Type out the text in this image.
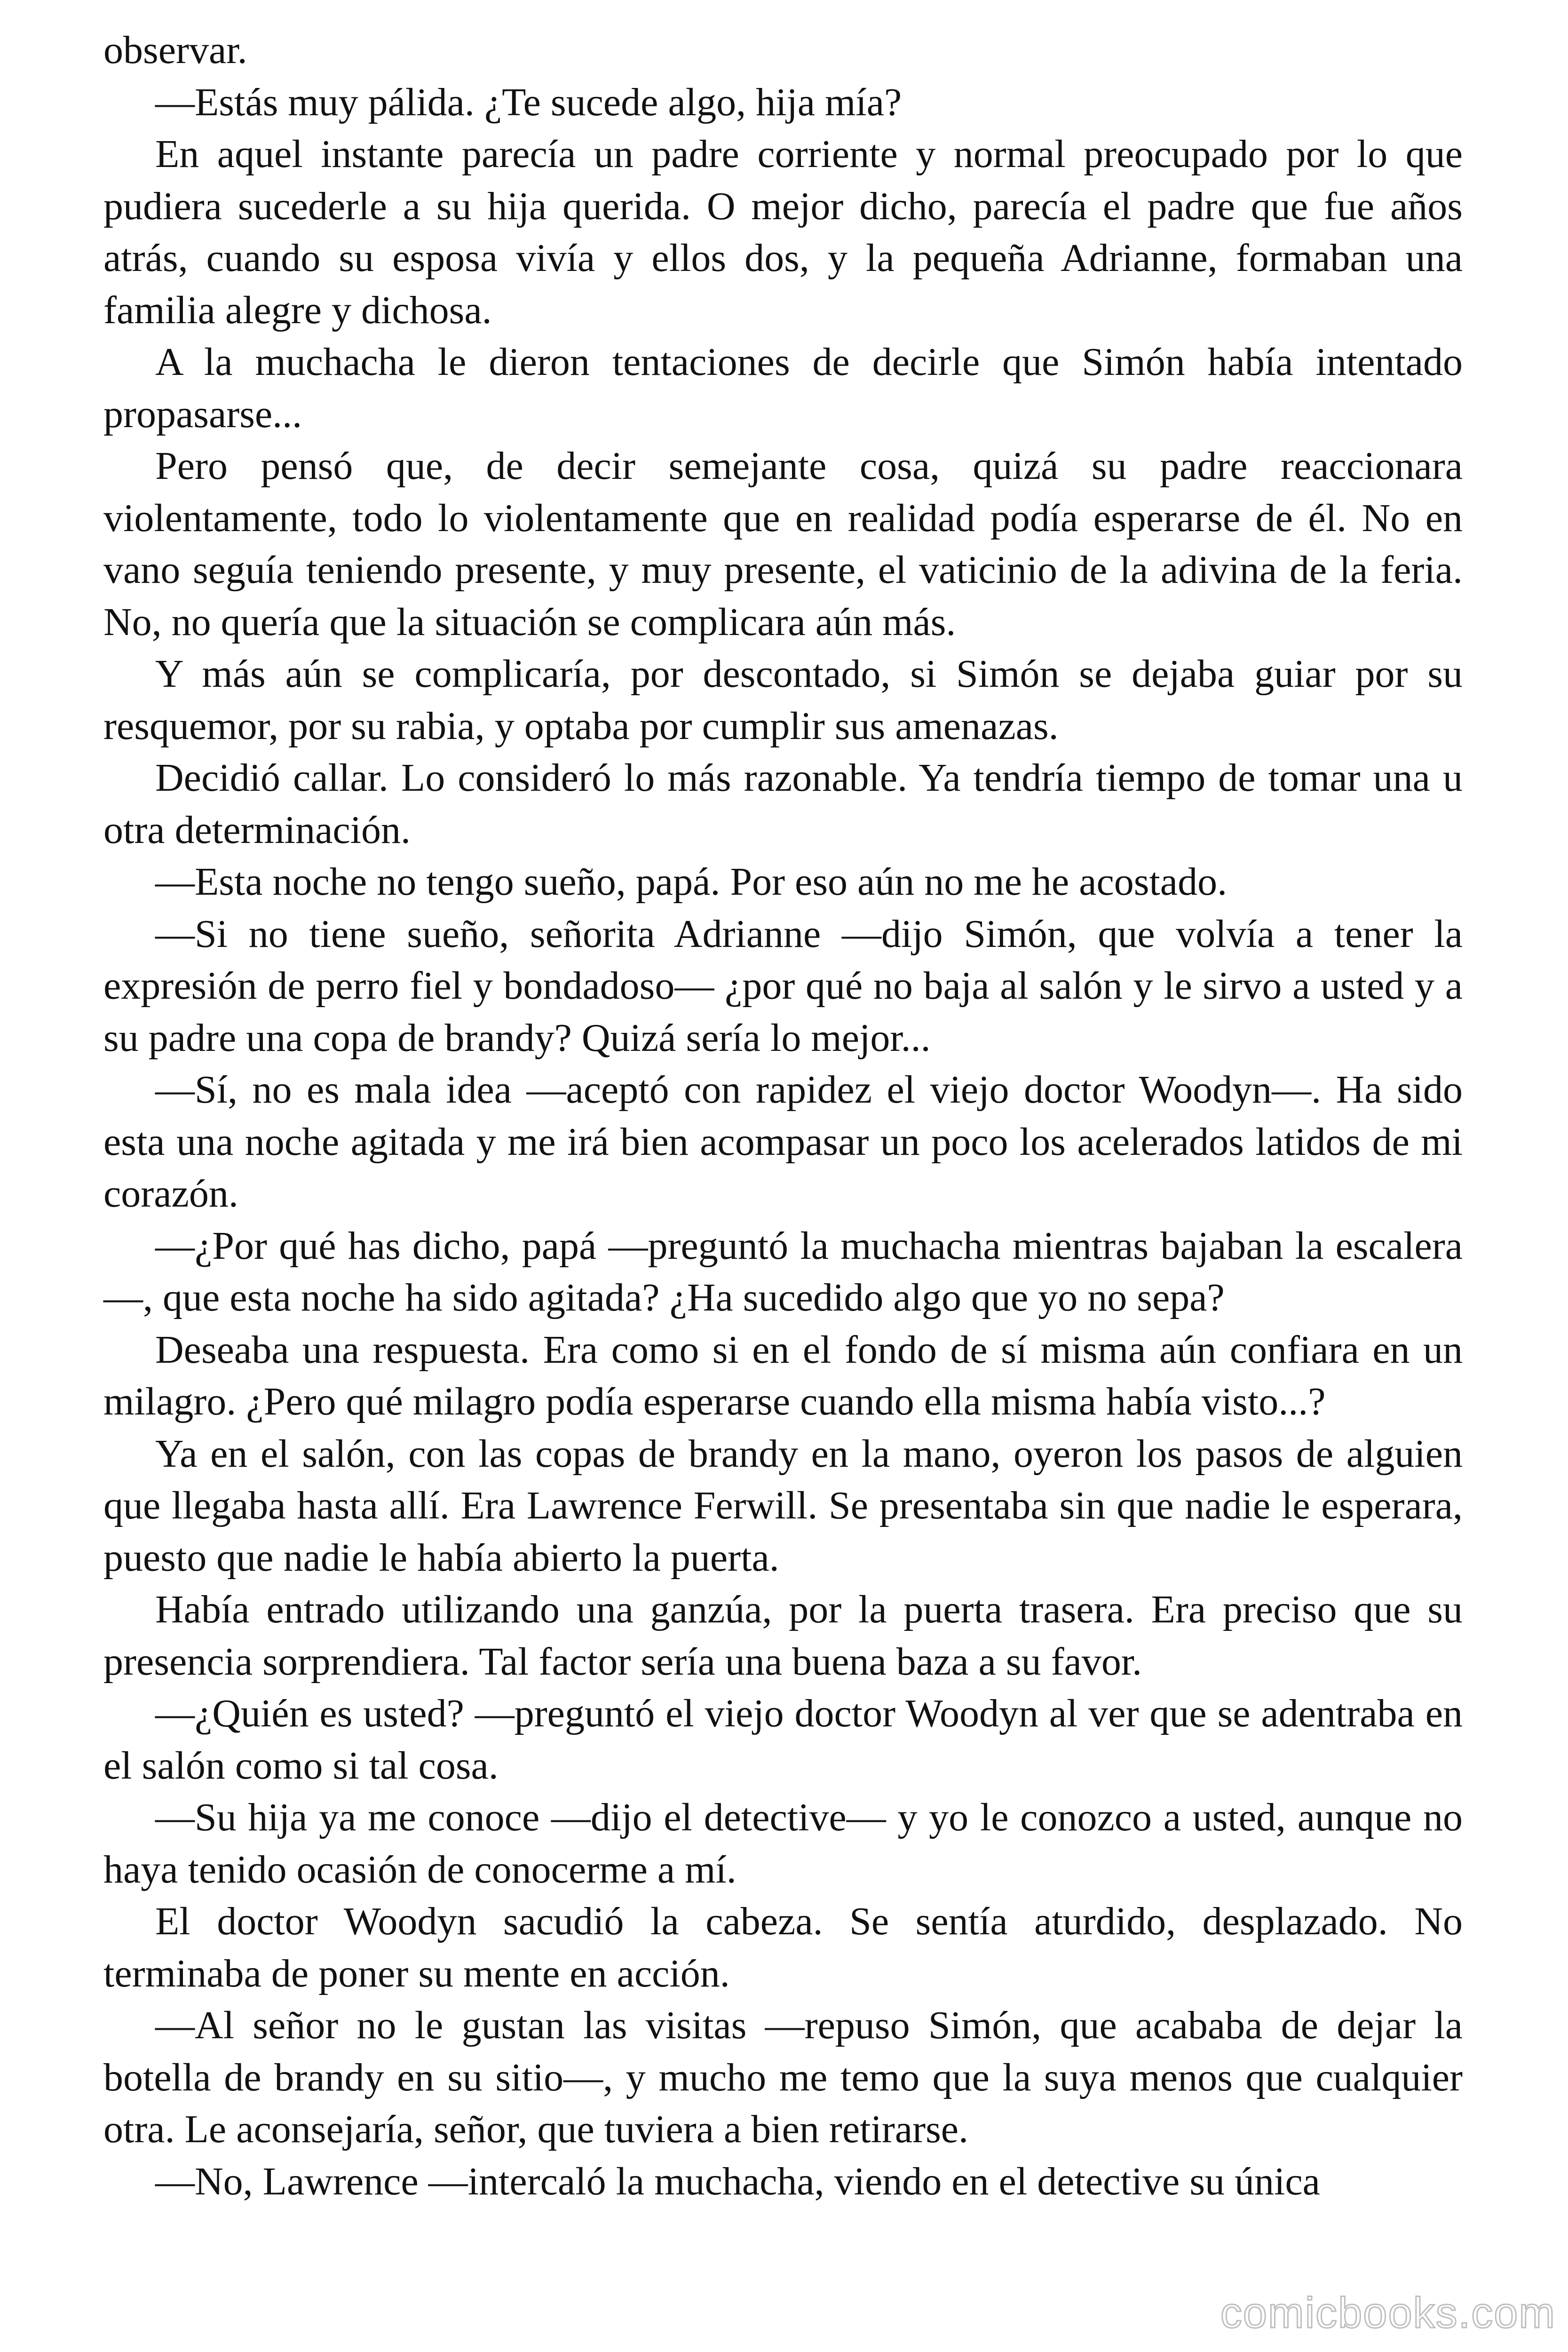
observar.

—Estás muy pálida. ¿Te sucede algo, hija mía?

En aquel instante parecía un padre corriente y normal preocupado por lo que pudiera sucederle a su hija querida. O mejor dicho, parecía el padre que fue años atrás, cuando su esposa vivía y ellos dos, y la pequeña Adrianne, formaban una familia alegre y dichosa.

A la muchacha le dieron tentaciones de decirle que Simón había intentado propasarse...

Pero pensó que, de decir semejante cosa, quizá su padre reaccionara violentamente, todo lo violentamente que en realidad podía esperarse de él. No en vano seguía teniendo presente, y muy presente, el vaticinio de la adivina de la feria. No, no quería que la situación se complicara aún más.

Y más aún se complicaría, por descontado, si Simón se dejaba guiar por su resquemor, por su rabia, y optaba por cumplir sus amenazas.

Decidió callar. Lo consideró lo más razonable. Ya tendría tiempo de tomar una u otra determinación.

—Esta noche no tengo sueño, papá. Por eso aún no me he acostado.

—Si no tiene sueño, señorita Adrianne —dijo Simón, que volvía a tener la expresión de perro fiel y bondadoso— ¿por qué no baja al salón y le sirvo a usted y a su padre una copa de brandy? Quizá sería lo mejor...

—Sí, no es mala idea —aceptó con rapidez el viejo doctor Woodyn—. Ha sido esta una noche agitada y me irá bien acompasar un poco los acelerados latidos de mi corazón.

—¿Por qué has dicho, papá —preguntó la muchacha mientras bajaban la escalera—, que esta noche ha sido agitada? ¿Ha sucedido algo que yo no sepa?

Deseaba una respuesta. Era como si en el fondo de sí misma aún confiara en un milagro. ¿Pero qué milagro podía esperarse cuando ella misma había visto...?

Ya en el salón, con las copas de brandy en la mano, oyeron los pasos de alguien que llegaba hasta allí. Era Lawrence Ferwill. Se presentaba sin que nadie le esperara, puesto que nadie le había abierto la puerta.

Había entrado utilizando una ganzúa, por la puerta trasera. Era preciso que su presencia sorprendiera. Tal factor sería una buena baza a su favor.

—¿Quién es usted? —preguntó el viejo doctor Woodyn al ver que se adentraba en el salón como si tal cosa.

—Su hija ya me conoce —dijo el detective— y yo le conozco a usted, aunque no haya tenido ocasión de conocerme a mí.

El doctor Woodyn sacudió la cabeza. Se sentía aturdido, desplazado. No terminaba de poner su mente en acción.

—Al señor no le gustan las visitas —repuso Simón, que acababa de dejar la botella de brandy en su sitio—, y mucho me temo que la suya menos que cualquier otra. Le aconsejaría, señor, que tuviera a bien retirarse.

—No, Lawrence —intercaló la muchacha, viendo en el detective su única

comicbooks.com
